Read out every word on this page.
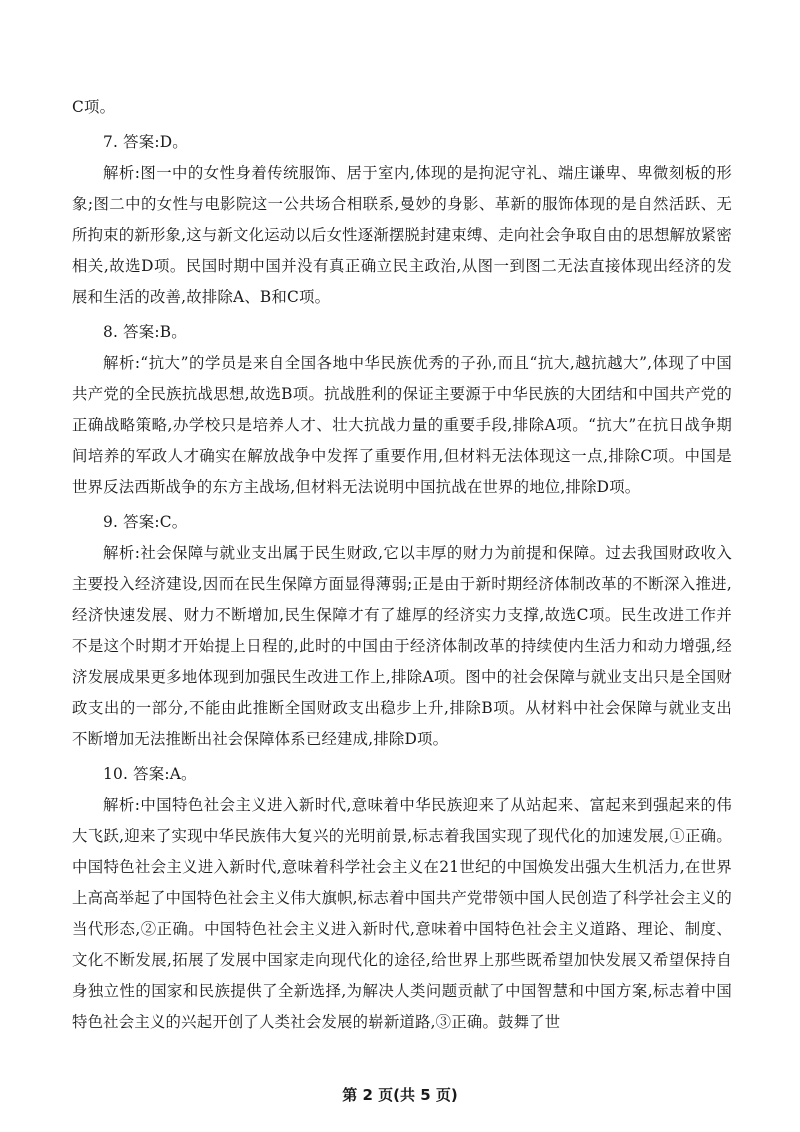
C项。

7. 答案:D。

解析:图一中的女性身着传统服饰、居于室内,体现的是拘泥守礼、端庄谦卑、卑微刻板的形象;图二中的女性与电影院这一公共场合相联系,曼妙的身影、革新的服饰体现的是自然活跃、无所拘束的新形象,这与新文化运动以后女性逐渐摆脱封建束缚、走向社会争取自由的思想解放紧密相关,故选D项。民国时期中国并没有真正确立民主政治,从图一到图二无法直接体现出经济的发展和生活的改善,故排除A、B和C项。

8. 答案:B。

解析:“抗大”的学员是来自全国各地中华民族优秀的子孙,而且“抗大,越抗越大”,体现了中国共产党的全民族抗战思想,故选B项。抗战胜利的保证主要源于中华民族的大团结和中国共产党的正确战略策略,办学校只是培养人才、壮大抗战力量的重要手段,排除A项。“抗大”在抗日战争期间培养的军政人才确实在解放战争中发挥了重要作用,但材料无法体现这一点,排除C项。中国是世界反法西斯战争的东方主战场,但材料无法说明中国抗战在世界的地位,排除D项。

9. 答案:C。

解析:社会保障与就业支出属于民生财政,它以丰厚的财力为前提和保障。过去我国财政收入主要投入经济建设,因而在民生保障方面显得薄弱;正是由于新时期经济体制改革的不断深入推进,经济快速发展、财力不断增加,民生保障才有了雄厚的经济实力支撑,故选C项。民生改进工作并不是这个时期才开始提上日程的,此时的中国由于经济体制改革的持续使内生活力和动力增强,经济发展成果更多地体现到加强民生改进工作上,排除A项。图中的社会保障与就业支出只是全国财政支出的一部分,不能由此推断全国财政支出稳步上升,排除B项。从材料中社会保障与就业支出不断增加无法推断出社会保障体系已经建成,排除D项。

10. 答案:A。

解析:中国特色社会主义进入新时代,意味着中华民族迎来了从站起来、富起来到强起来的伟大飞跃,迎来了实现中华民族伟大复兴的光明前景,标志着我国实现了现代化的加速发展,①正确。中国特色社会主义进入新时代,意味着科学社会主义在21世纪的中国焕发出强大生机活力,在世界上高高举起了中国特色社会主义伟大旗帜,标志着中国共产党带领中国人民创造了科学社会主义的当代形态,②正确。中国特色社会主义进入新时代,意味着中国特色社会主义道路、理论、制度、文化不断发展,拓展了发展中国家走向现代化的途径,给世界上那些既希望加快发展又希望保持自身独立性的国家和民族提供了全新选择,为解决人类问题贡献了中国智慧和中国方案,标志着中国特色社会主义的兴起开创了人类社会发展的崭新道路,③正确。鼓舞了世

第 2 页(共 5 页)
